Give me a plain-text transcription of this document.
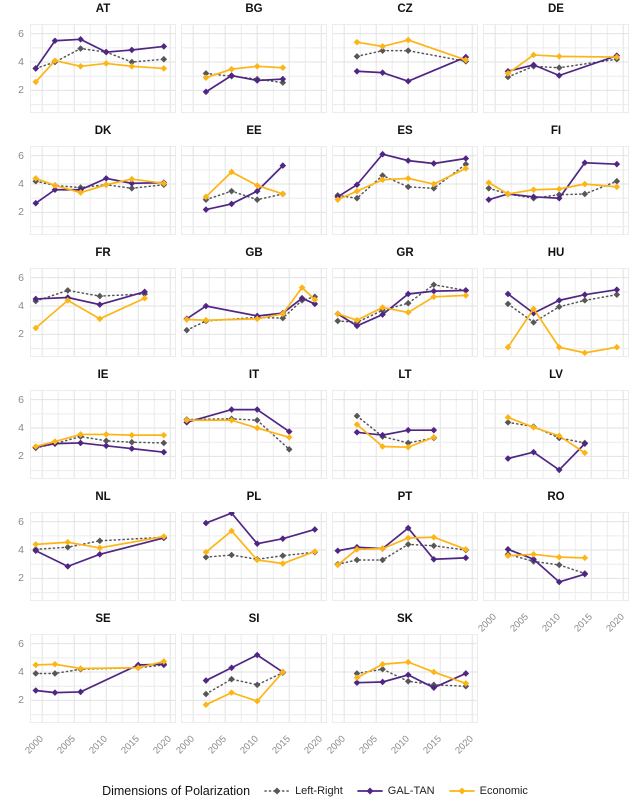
AT	BG	CZ	DE
DK	EE	ES	FI
FR	GB	GR	HU
IE	IT	LT	LV
NL	PL	PT	RO
SE	SI	SK
6
4
2
6
4
2
6
4
2
6
4
2
6
4
2
6
4
2
2000 2005 2010 2015 2020 2000 2005 2010 2015 2020 2000 2005 2010 2015 2020
2000 2005 2010 2015 2020
Dimensions of Polarization	Left-Right	GAL-TAN	Economic
